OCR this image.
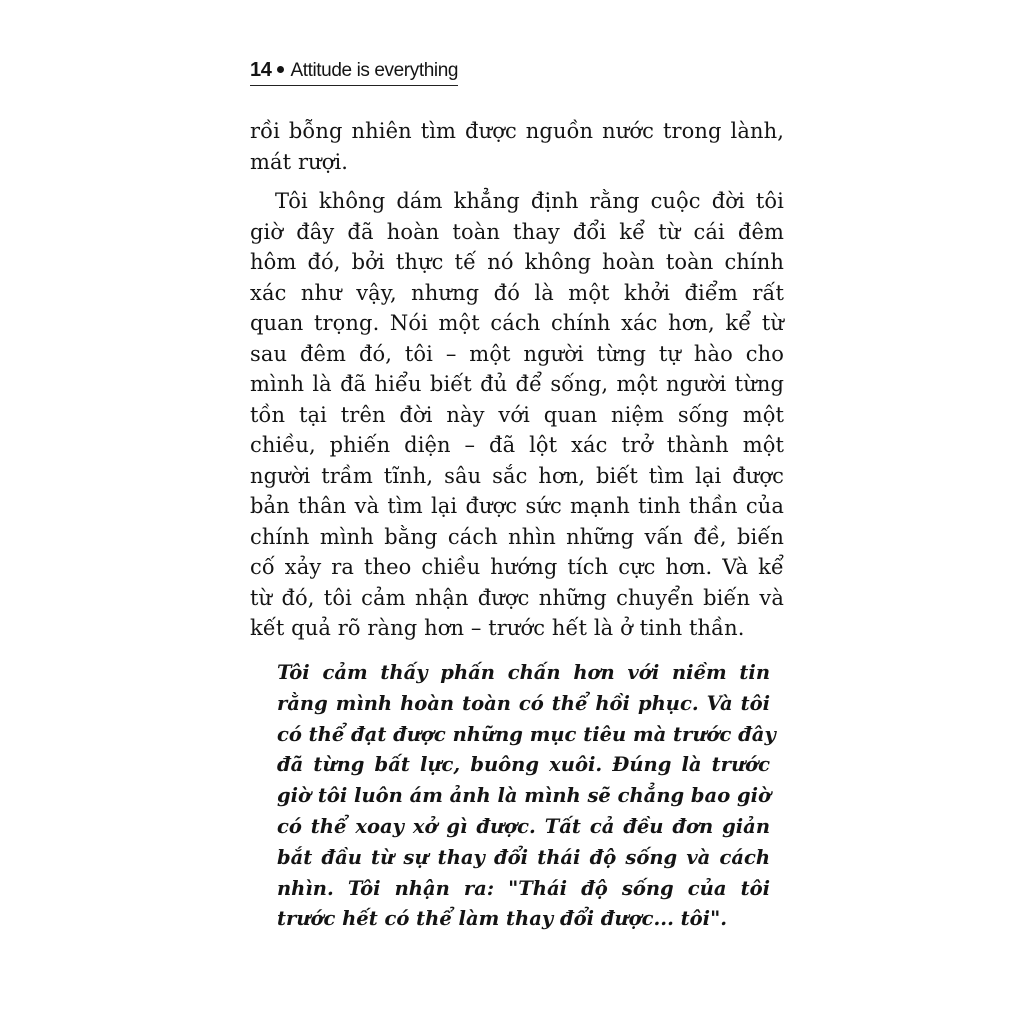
14 Attitude is everything
rồi bỗng nhiên tìm được nguồn nước trong lành,
mát rượi.
Tôi không dám khẳng định rằng cuộc đời tôi
giờ đây đã hoàn toàn thay đổi kể từ cái đêm
hôm đó, bởi thực tế nó không hoàn toàn chính
xác như vậy, nhưng đó là một khởi điểm rất
quan trọng. Nói một cách chính xác hơn, kể từ
sau đêm đó, tôi – một người từng tự hào cho
mình là đã hiểu biết đủ để sống, một người từng
tồn tại trên đời này với quan niệm sống một
chiều, phiến diện – đã lột xác trở thành một
người trầm tĩnh, sâu sắc hơn, biết tìm lại được
bản thân và tìm lại được sức mạnh tinh thần của
chính mình bằng cách nhìn những vấn đề, biến
cố xảy ra theo chiều hướng tích cực hơn. Và kể
từ đó, tôi cảm nhận được những chuyển biến và
kết quả rõ ràng hơn – trước hết là ở tinh thần.
Tôi cảm thấy phấn chấn hơn với niềm tin
rằng mình hoàn toàn có thể hồi phục. Và tôi
có thể đạt được những mục tiêu mà trước đây
đã từng bất lực, buông xuôi. Đúng là trước
giờ tôi luôn ám ảnh là mình sẽ chẳng bao giờ
có thể xoay xở gì được. Tất cả đều đơn giản
bắt đầu từ sự thay đổi thái độ sống và cách
nhìn. Tôi nhận ra: "Thái độ sống của tôi
trước hết có thể làm thay đổi được... tôi".
